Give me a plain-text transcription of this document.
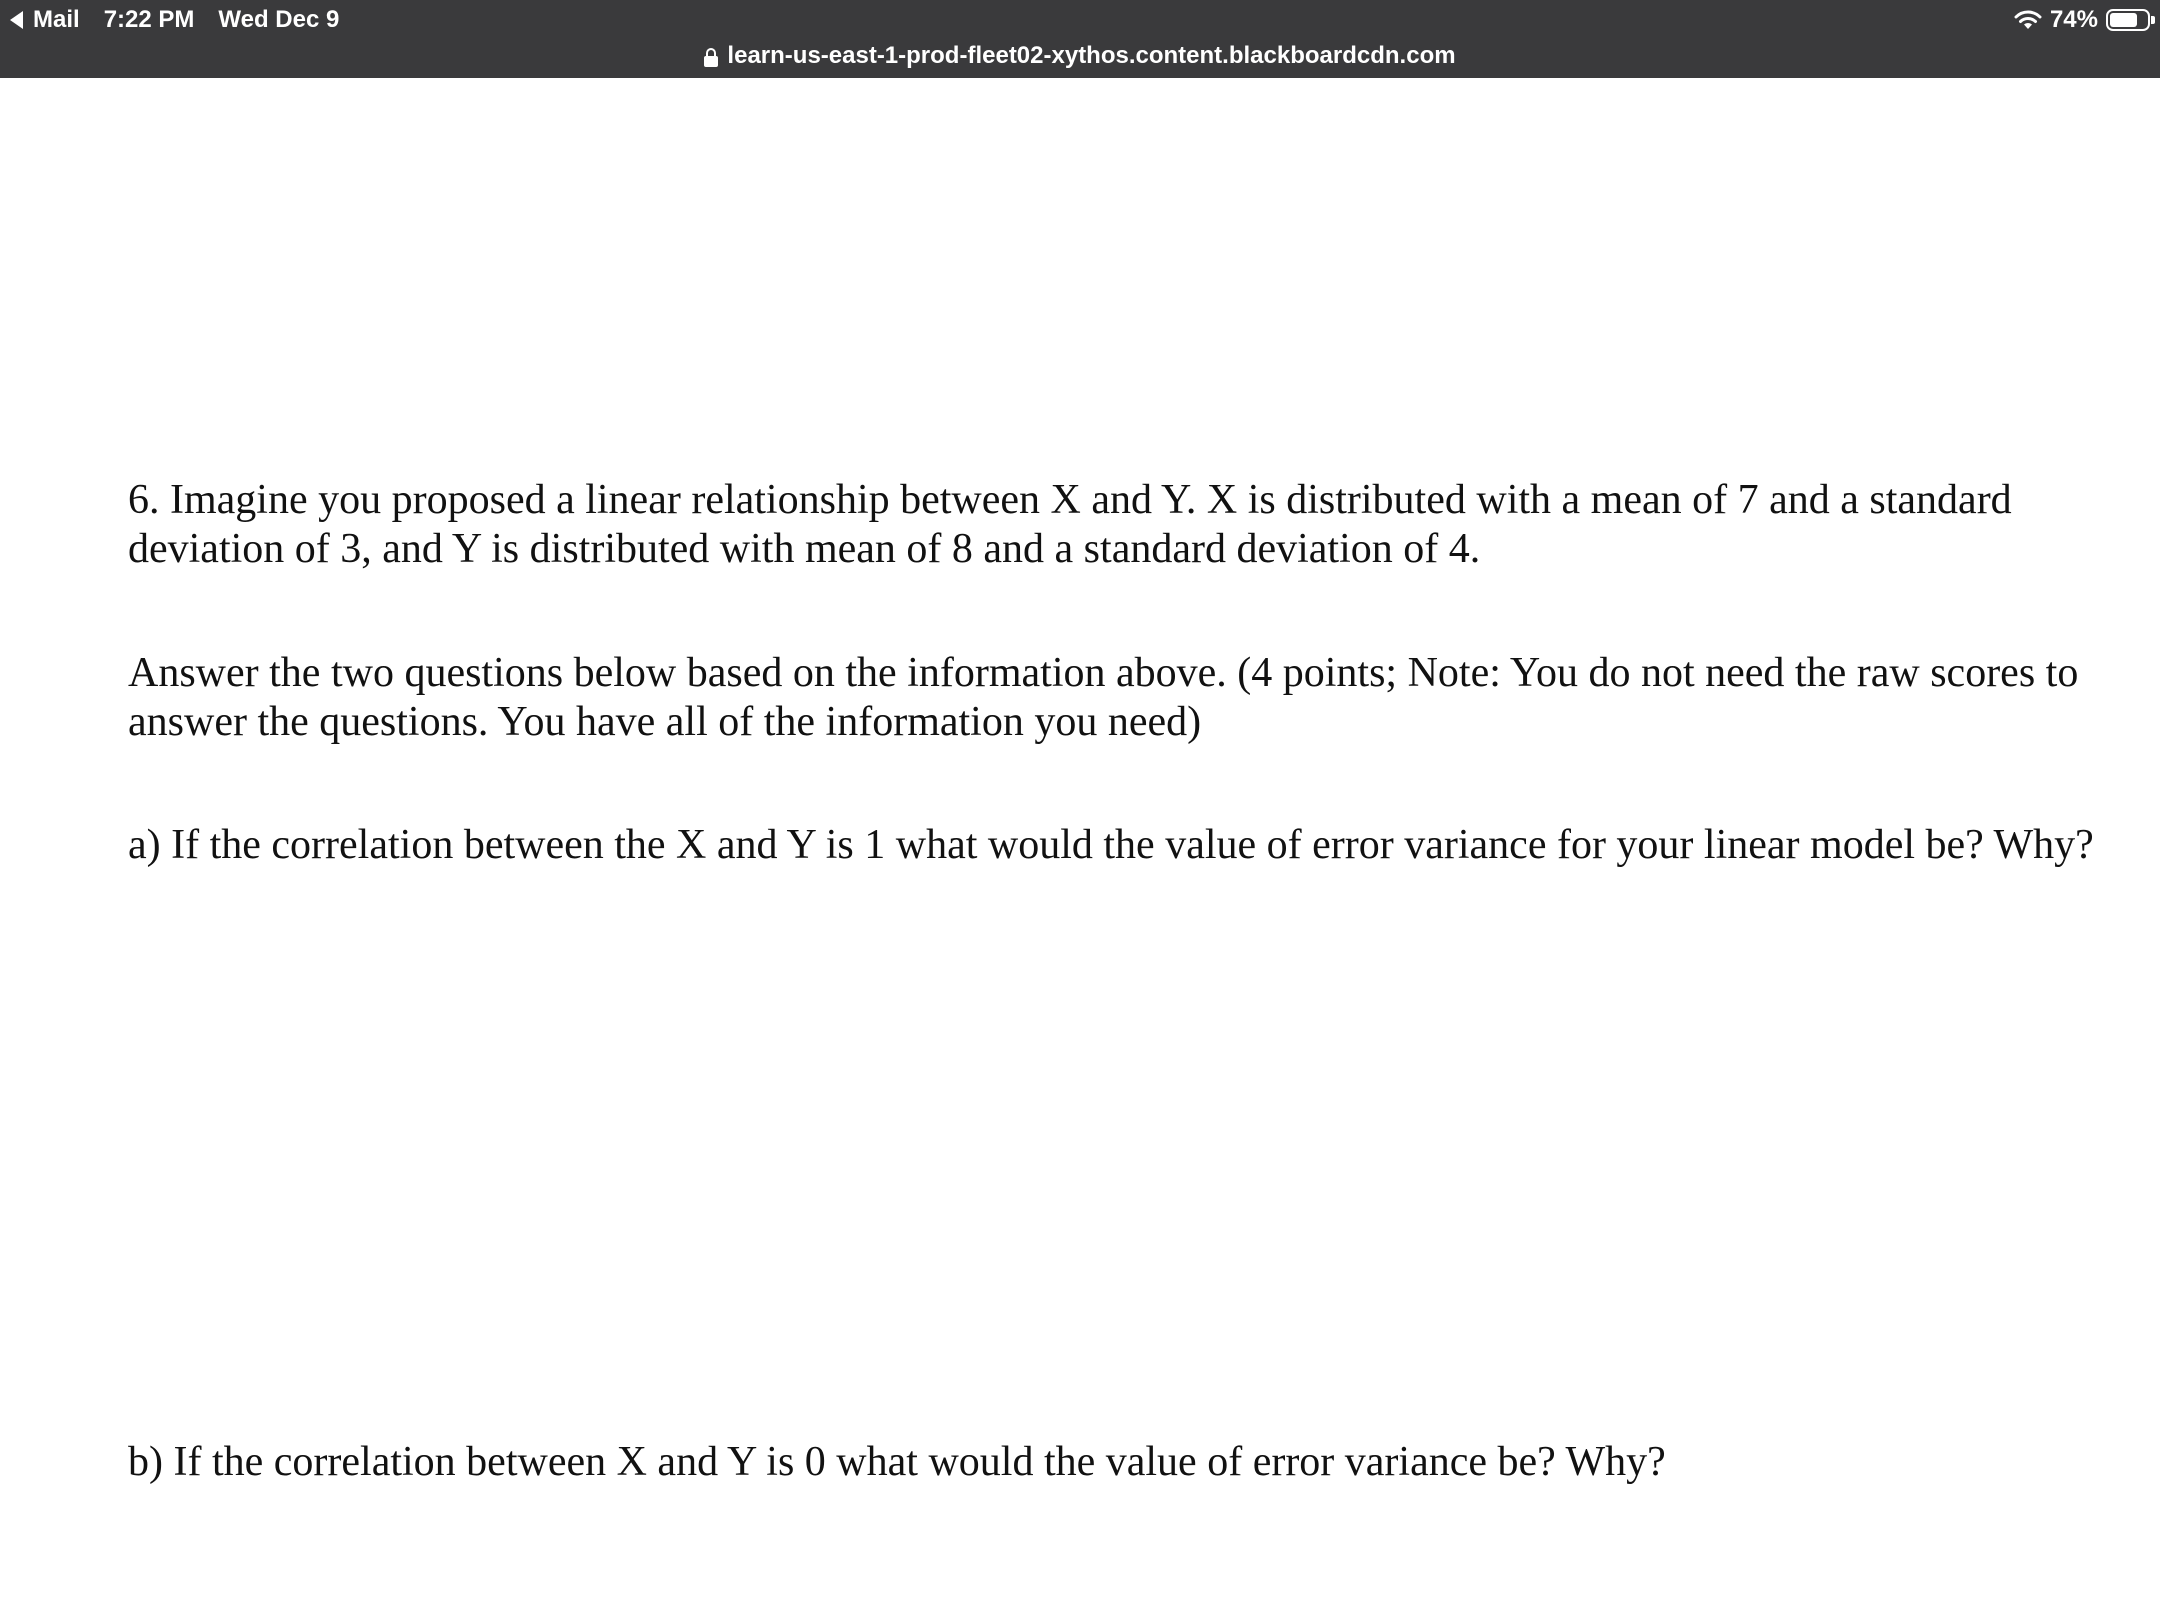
Mail 7:22 PM Wed Dec 9	74%
learn-us-east-1-prod-fleet02-xythos.content.blackboardcdn.com

6. Imagine you proposed a linear relationship between X and Y. X is distributed with a mean of 7 and a standard deviation of 3, and Y is distributed with mean of 8 and a standard deviation of 4.

Answer the two questions below based on the information above. (4 points; Note: You do not need the raw scores to answer the questions. You have all of the information you need)

a) If the correlation between the X and Y is 1 what would the value of error variance for your linear model be? Why?

b) If the correlation between X and Y is 0 what would the value of error variance be? Why?
